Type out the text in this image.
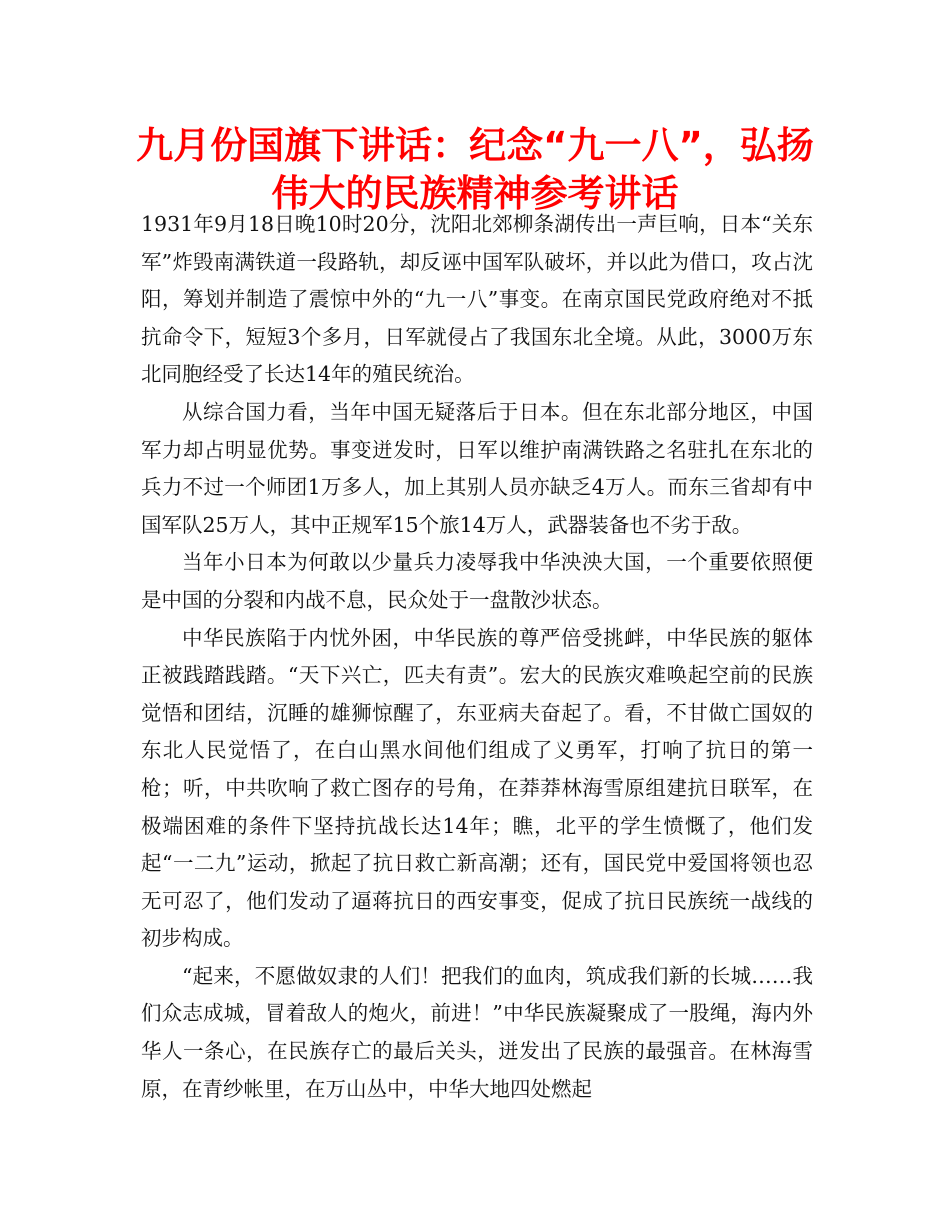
九月份国旗下讲话：纪念“九一八”，弘扬伟大的民族精神参考讲话

1931年9月18日晚10时20分，沈阳北郊柳条湖传出一声巨响，日本“关东军”炸毁南满铁道一段路轨，却反诬中国军队破坏，并以此为借口，攻占沈阳，筹划并制造了震惊中外的“九一八”事变。在南京国民党政府绝对不抵抗命令下，短短3个多月，日军就侵占了我国东北全境。从此，3000万东北同胞经受了长达14年的殖民统治。

从综合国力看，当年中国无疑落后于日本。但在东北部分地区，中国军力却占明显优势。事变迸发时，日军以维护南满铁路之名驻扎在东北的兵力不过一个师团1万多人，加上其别人员亦缺乏4万人。而东三省却有中国军队25万人，其中正规军15个旅14万人，武器装备也不劣于敌。

当年小日本为何敢以少量兵力凌辱我中华泱泱大国，一个重要依照便是中国的分裂和内战不息，民众处于一盘散沙状态。

中华民族陷于内忧外困，中华民族的尊严倍受挑衅，中华民族的躯体正被践踏践踏。“天下兴亡，匹夫有责”。宏大的民族灾难唤起空前的民族觉悟和团结，沉睡的雄狮惊醒了，东亚病夫奋起了。看，不甘做亡国奴的东北人民觉悟了，在白山黑水间他们组成了义勇军，打响了抗日的第一枪；听，中共吹响了救亡图存的号角，在莽莽林海雪原组建抗日联军，在极端困难的条件下坚持抗战长达14年；瞧，北平的学生愤慨了，他们发起“一二九”运动，掀起了抗日救亡新高潮；还有，国民党中爱国将领也忍无可忍了，他们发动了逼蒋抗日的西安事变，促成了抗日民族统一战线的初步构成。

“起来，不愿做奴隶的人们！把我们的血肉，筑成我们新的长城……我们众志成城，冒着敌人的炮火，前进！”中华民族凝聚成了一股绳，海内外华人一条心，在民族存亡的最后关头，迸发出了民族的最强音。在林海雪原，在青纱帐里，在万山丛中，中华大地四处燃起
